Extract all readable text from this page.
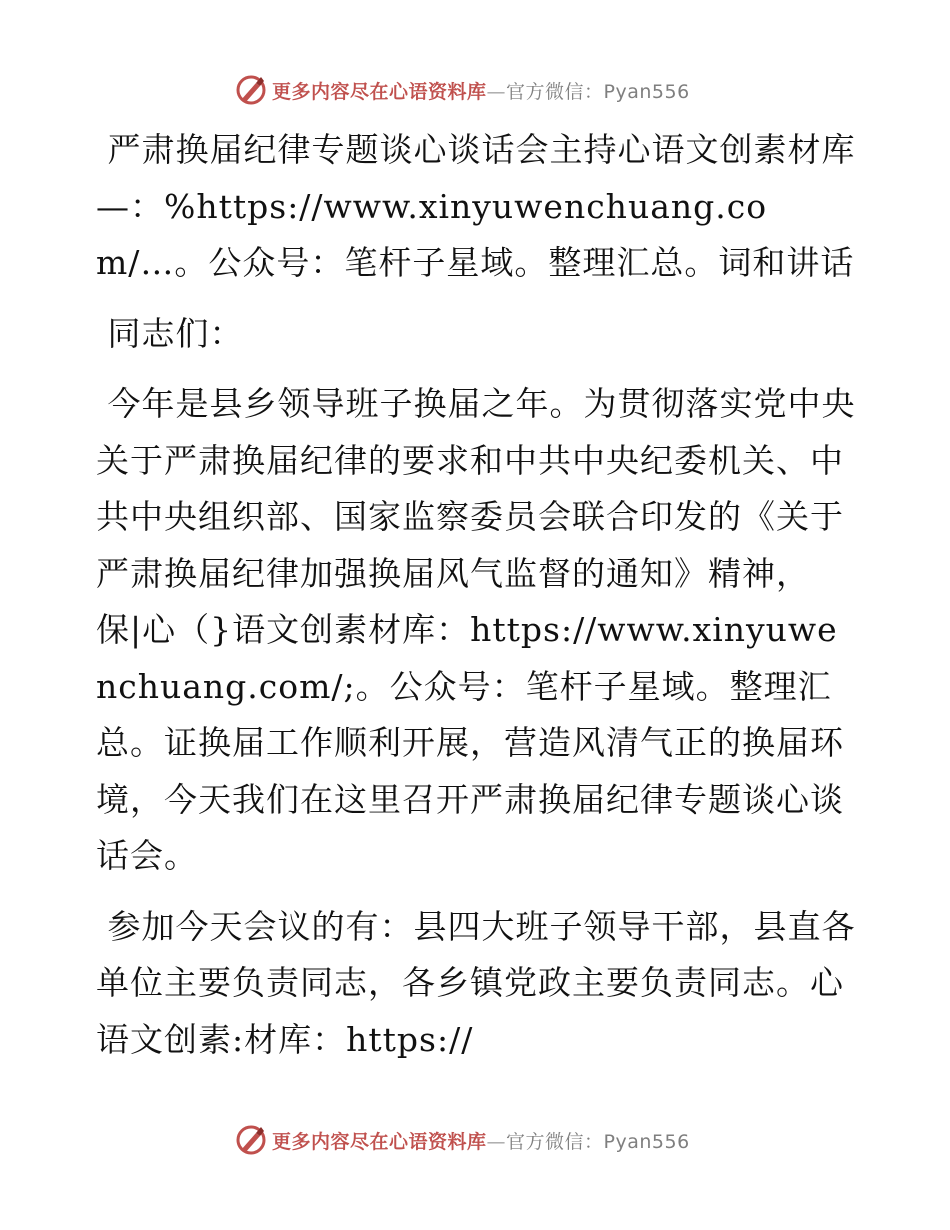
更多内容尽在心语资料库—官方微信：Pyan556

严肃换届纪律专题谈心谈话会主持心语文创素材库—：%https://www.xinyuwenchuang.com/…。公众号：笔杆子星域。整理汇总。词和讲话

同志们：

今年是县乡领导班子换届之年。为贯彻落实党中央关于严肃换届纪律的要求和中共中央纪委机关、中共中央组织部、国家监察委员会联合印发的《关于严肃换届纪律加强换届风气监督的通知》精神，保|心（}语文创素材库：https://www.xinyuwenchuang.com/;。公众号：笔杆子星域。整理汇总。证换届工作顺利开展，营造风清气正的换届环境，今天我们在这里召开严肃换届纪律专题谈心谈话会。

参加今天会议的有：县四大班子领导干部，县直各单位主要负责同志，各乡镇党政主要负责同志。心语文创素:材库：https://

更多内容尽在心语资料库—官方微信：Pyan556
